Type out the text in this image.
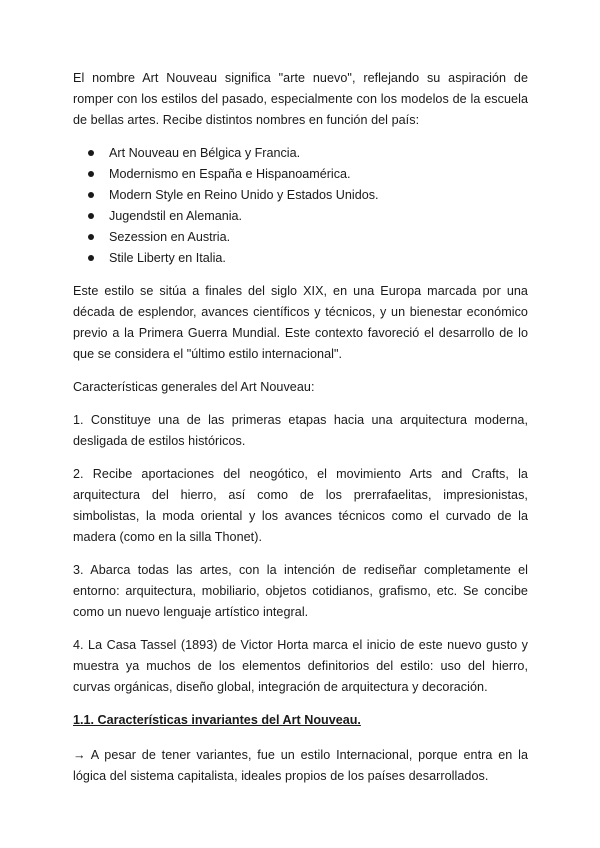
El nombre Art Nouveau significa "arte nuevo", reflejando su aspiración de romper con los estilos del pasado, especialmente con los modelos de la escuela de bellas artes. Recibe distintos nombres en función del país:

Art Nouveau en Bélgica y Francia.
Modernismo en España e Hispanoamérica.
Modern Style en Reino Unido y Estados Unidos.
Jugendstil en Alemania.
Sezession en Austria.
Stile Liberty en Italia.

Este estilo se sitúa a finales del siglo XIX, en una Europa marcada por una década de esplendor, avances científicos y técnicos, y un bienestar económico previo a la Primera Guerra Mundial. Este contexto favoreció el desarrollo de lo que se considera el "último estilo internacional".

Características generales del Art Nouveau:

1. Constituye una de las primeras etapas hacia una arquitectura moderna, desligada de estilos históricos.

2. Recibe aportaciones del neogótico, el movimiento Arts and Crafts, la arquitectura del hierro, así como de los prerrafaelitas, impresionistas, simbolistas, la moda oriental y los avances técnicos como el curvado de la madera (como en la silla Thonet).

3. Abarca todas las artes, con la intención de rediseñar completamente el entorno: arquitectura, mobiliario, objetos cotidianos, grafismo, etc. Se concibe como un nuevo lenguaje artístico integral.

4. La Casa Tassel (1893) de Victor Horta marca el inicio de este nuevo gusto y muestra ya muchos de los elementos definitorios del estilo: uso del hierro, curvas orgánicas, diseño global, integración de arquitectura y decoración.

1.1. Características invariantes del Art Nouveau.

→ A pesar de tener variantes, fue un estilo Internacional, porque entra en la lógica del sistema capitalista, ideales propios de los países desarrollados.
